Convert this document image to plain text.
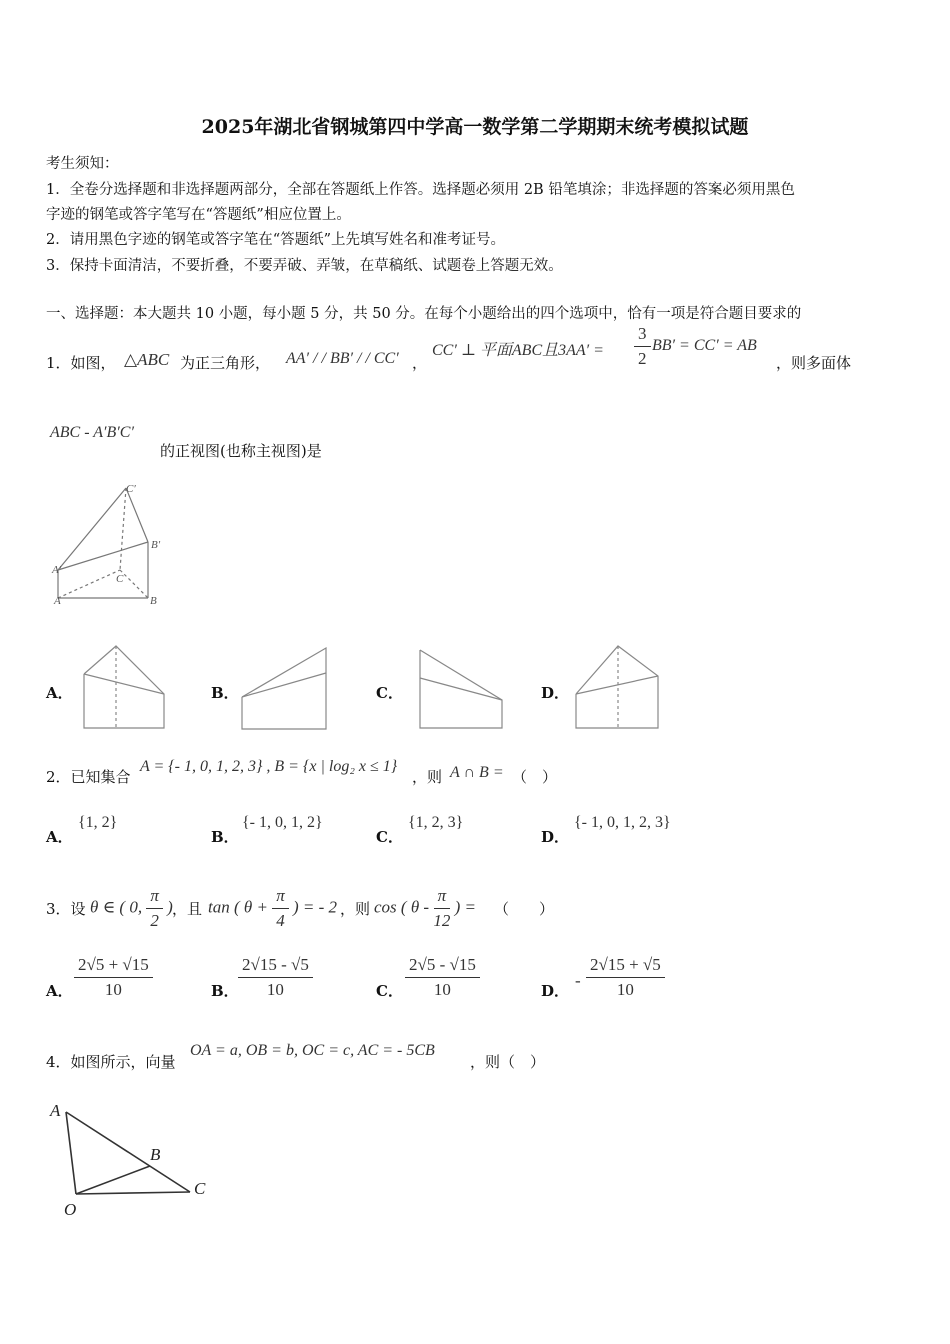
2025年湖北省钢城第四中学高一数学第二学期期末统考模拟试题
考生须知：
1．全卷分选择题和非选择题两部分，全部在答题纸上作答。选择题必须用 2B 铅笔填涂；非选择题的答案必须用黑色
字迹的钢笔或答字笔写在“答题纸”相应位置上。
2．请用黑色字迹的钢笔或答字笔在“答题纸”上先填写姓名和准考证号。
3．保持卡面清洁，不要折叠，不要弄破、弄皱，在草稿纸、试题卷上答题无效。
一、选择题：本大题共 10 小题，每小题 5 分，共 50 分。在每个小题给出的四个选项中，恰有一项是符合题目要求的
1．如图， △ABC 为正三角形， AA′ / / BB′ / / CC′ ，
CC′ ⊥ 平面ABC且$3AA' = \frac{3}{2} BB' = CC'$ = AB
，则多面体
ABC - A′B′C′
的正视图(也称主视图)是
C′
B′
A′
C
A	B
A．	B．	C．	D．
2．已知集合
A = {- 1, 0, 1, 2, 3} , B = {x | log₂ x ≤ 1}
，则 A ∩ B = （　）
A．
{1, 2}
B．
{- 1, 0, 1, 2}
C．
{1, 2, 3}
D．
{- 1, 0, 1, 2, 3}
3．设 θ ∈ ( 0, $\frac{\pi}{2}$ ) ，且 tan ( $\theta + \frac{\pi}{4}$ ) = - 2 ，则 cos ( θ - $\frac{\pi}{12}$ ) = （　　）
A． $\frac{2√5 + √15}{10}$	B． $\frac{2√15 - √5}{10}$	C． $\frac{2√5 - √15}{10}$	D．
- $\frac{2√15 + √5}{10}$
4．如图所示，向量
OA = a, OB = b, OC = c, AC = - 5CB
，则（　）
A
B
C
O
